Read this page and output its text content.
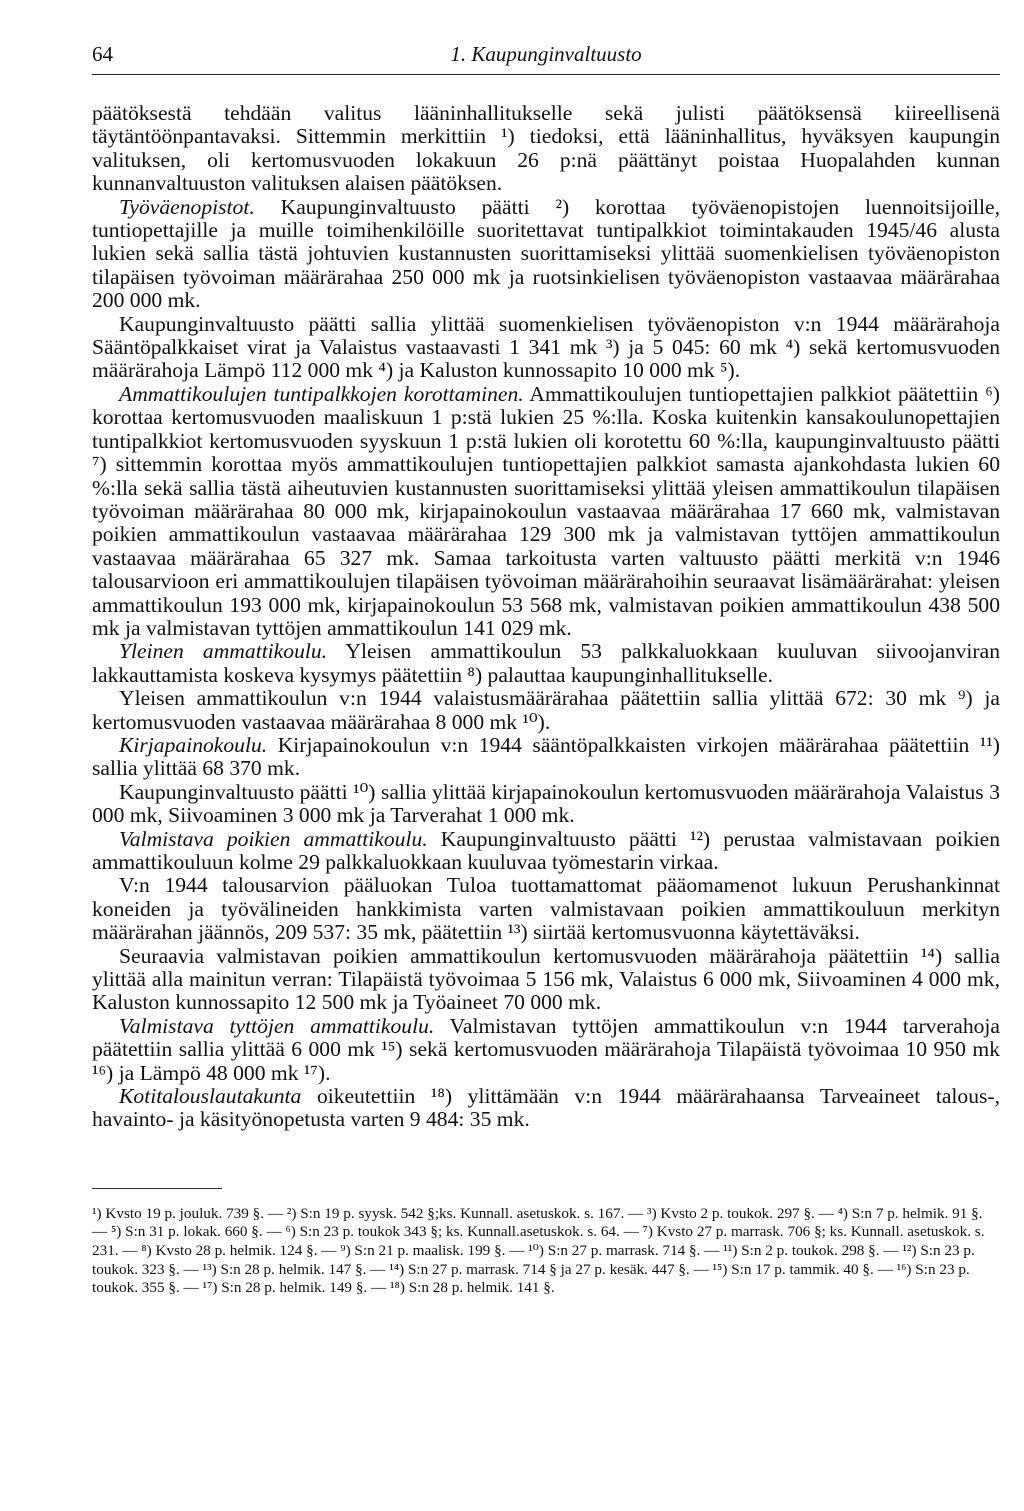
64	1. Kaupunginvaltuusto

päätöksestä tehdään valitus lääninhallitukselle sekä julisti päätöksensä kiireellisenä täytäntöönpantavaksi. Sittemmin merkittiin ¹) tiedoksi, että lääninhallitus, hyväksyen kaupungin valituksen, oli kertomusvuoden lokakuun 26 p:nä päättänyt poistaa Huopalahden kunnan kunnanvaltuuston valituksen alaisen päätöksen.

Työväenopistot. Kaupunginvaltuusto päätti ²) korottaa työväenopistojen luennoitsijoille, tuntiopettajille ja muille toimihenkilöille suoritettavat tuntipalkkiot toimintakauden 1945/46 alusta lukien sekä sallia tästä johtuvien kustannusten suorittamiseksi ylittää suomenkielisen työväenopiston tilapäisen työvoiman määrärahaa 250 000 mk ja ruotsinkielisen työväenopiston vastaavaa määrärahaa 200 000 mk.

Kaupunginvaltuusto päätti sallia ylittää suomenkielisen työväenopiston v:n 1944 määrärahoja Sääntöpalkkaiset virat ja Valaistus vastaavasti 1 341 mk ³) ja 5 045: 60 mk ⁴) sekä kertomusvuoden määrärahoja Lämpö 112 000 mk ⁴) ja Kaluston kunnossapito 10 000 mk ⁵).

Ammattikoulujen tuntipalkkojen korottaminen. Ammattikoulujen tuntiopettajien palkkiot päätettiin ⁶) korottaa kertomusvuoden maaliskuun 1 p:stä lukien 25 %:lla. Koska kuitenkin kansakoulunopettajien tuntipalkkiot kertomusvuoden syyskuun 1 p:stä lukien oli korotettu 60 %:lla, kaupunginvaltuusto päätti ⁷) sittemmin korottaa myös ammattikoulujen tuntiopettajien palkkiot samasta ajankohdasta lukien 60 %:lla sekä sallia tästä aiheutuvien kustannusten suorittamiseksi ylittää yleisen ammattikoulun tilapäisen työvoiman määrärahaa 80 000 mk, kirjapainokoulun vastaavaa määrärahaa 17 660 mk, valmistavan poikien ammattikoulun vastaavaa määrärahaa 129 300 mk ja valmistavan tyttöjen ammattikoulun vastaavaa määrärahaa 65 327 mk. Samaa tarkoitusta varten valtuusto päätti merkitä v:n 1946 talousarvioon eri ammattikoulujen tilapäisen työvoiman määrärahoihin seuraavat lisämäärärahat: yleisen ammattikoulun 193 000 mk, kirjapainokoulun 53 568 mk, valmistavan poikien ammattikoulun 438 500 mk ja valmistavan tyttöjen ammattikoulun 141 029 mk.

Yleinen ammattikoulu. Yleisen ammattikoulun 53 palkkaluokkaan kuuluvan siivoojanviran lakkauttamista koskeva kysymys päätettiin ⁸) palauttaa kaupunginhallitukselle.

Yleisen ammattikoulun v:n 1944 valaistusmäärärahaa päätettiin sallia ylittää 672: 30 mk ⁹) ja kertomusvuoden vastaavaa määrärahaa 8 000 mk ¹⁰).

Kirjapainokoulu. Kirjapainokoulun v:n 1944 sääntöpalkkaisten virkojen määrärahaa päätettiin ¹¹) sallia ylittää 68 370 mk.

Kaupunginvaltuusto päätti ¹⁰) sallia ylittää kirjapainokoulun kertomusvuoden määrärahoja Valaistus 3 000 mk, Siivoaminen 3 000 mk ja Tarverahat 1 000 mk.

Valmistava poikien ammattikoulu. Kaupunginvaltuusto päätti ¹²) perustaa valmistavaan poikien ammattikouluun kolme 29 palkkaluokkaan kuuluvaa työmestarin virkaa.

V:n 1944 talousarvion pääluokan Tuloa tuottamattomat pääomamenot lukuun Perushankinnat koneiden ja työvälineiden hankkimista varten valmistavaan poikien ammattikouluun merkityn määrärahan jäännös, 209 537: 35 mk, päätettiin ¹³) siirtää kertomusvuonna käytettäväksi.

Seuraavia valmistavan poikien ammattikoulun kertomusvuoden määrärahoja päätettiin ¹⁴) sallia ylittää alla mainitun verran: Tilapäistä työvoimaa 5 156 mk, Valaistus 6 000 mk, Siivoaminen 4 000 mk, Kaluston kunnossapito 12 500 mk ja Työaineet 70 000 mk.

Valmistava tyttöjen ammattikoulu. Valmistavan tyttöjen ammattikoulun v:n 1944 tarverahoja päätettiin sallia ylittää 6 000 mk ¹⁵) sekä kertomusvuoden määrärahoja Tilapäistä työvoimaa 10 950 mk ¹⁶) ja Lämpö 48 000 mk ¹⁷).

Kotitalouslautakunta oikeutettiin ¹⁸) ylittämään v:n 1944 määrärahaansa Tarveaineet talous-, havainto- ja käsityönopetusta varten 9 484: 35 mk.

¹) Kvsto 19 p. jouluk. 739 §. — ²) S:n 19 p. syysk. 542 §;ks. Kunnall. asetuskok. s. 167. — ³) Kvsto 2 p. toukok. 297 §. — ⁴) S:n 7 p. helmik. 91 §. — ⁵) S:n 31 p. lokak. 660 §. — ⁶) S:n 23 p. toukok 343 §; ks. Kunnall.asetuskok. s. 64. — ⁷) Kvsto 27 p. marrask. 706 §; ks. Kunnall. asetuskok. s. 231. — ⁸) Kvsto 28 p. helmik. 124 §. — ⁹) S:n 21 p. maalisk. 199 §. — ¹⁰) S:n 27 p. marrask. 714 §. — ¹¹) S:n 2 p. toukok. 298 §. — ¹²) S:n 23 p. toukok. 323 §. — ¹³) S:n 28 p. helmik. 147 §. — ¹⁴) S:n 27 p. marrask. 714 § ja 27 p. kesäk. 447 §. — ¹⁵) S:n 17 p. tammik. 40 §. — ¹⁶) S:n 23 p. toukok. 355 §. — ¹⁷) S:n 28 p. helmik. 149 §. — ¹⁸) S:n 28 p. helmik. 141 §.
